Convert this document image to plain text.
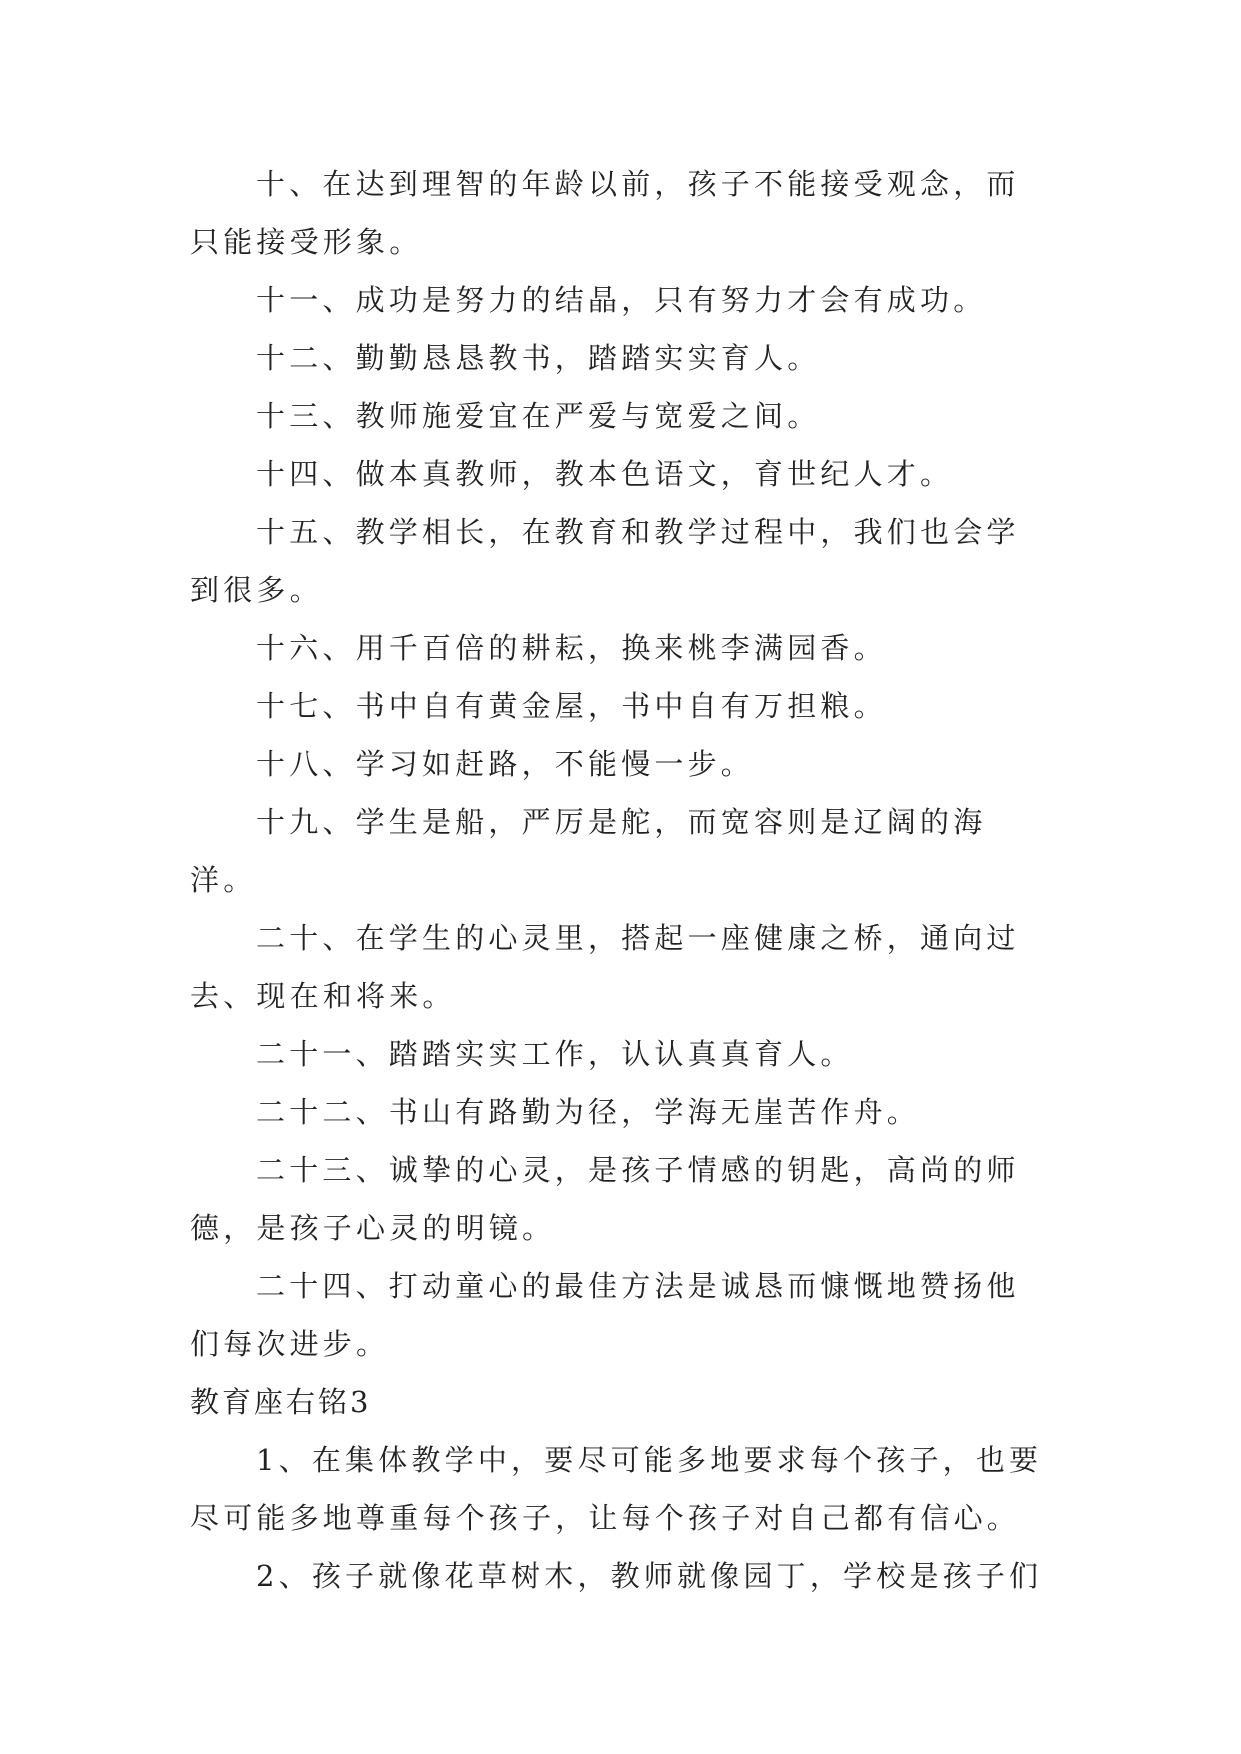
十、在达到理智的年龄以前，孩子不能接受观念，而只能接受形象。

十一、成功是努力的结晶，只有努力才会有成功。

十二、勤勤恳恳教书，踏踏实实育人。

十三、教师施爱宜在严爱与宽爱之间。

十四、做本真教师，教本色语文，育世纪人才。

十五、教学相长，在教育和教学过程中，我们也会学到很多。

十六、用千百倍的耕耘，换来桃李满园香。

十七、书中自有黄金屋，书中自有万担粮。

十八、学习如赶路，不能慢一步。

十九、学生是船，严厉是舵，而宽容则是辽阔的海洋。

二十、在学生的心灵里，搭起一座健康之桥，通向过去、现在和将来。

二十一、踏踏实实工作，认认真真育人。

二十二、书山有路勤为径，学海无崖苦作舟。

二十三、诚挚的心灵，是孩子情感的钥匙，高尚的师德，是孩子心灵的明镜。

二十四、打动童心的最佳方法是诚恳而慷慨地赞扬他们每次进步。

教育座右铭3

1、在集体教学中，要尽可能多地要求每个孩子，也要尽可能多地尊重每个孩子，让每个孩子对自己都有信心。

2、孩子就像花草树木，教师就像园丁，学校是孩子们
